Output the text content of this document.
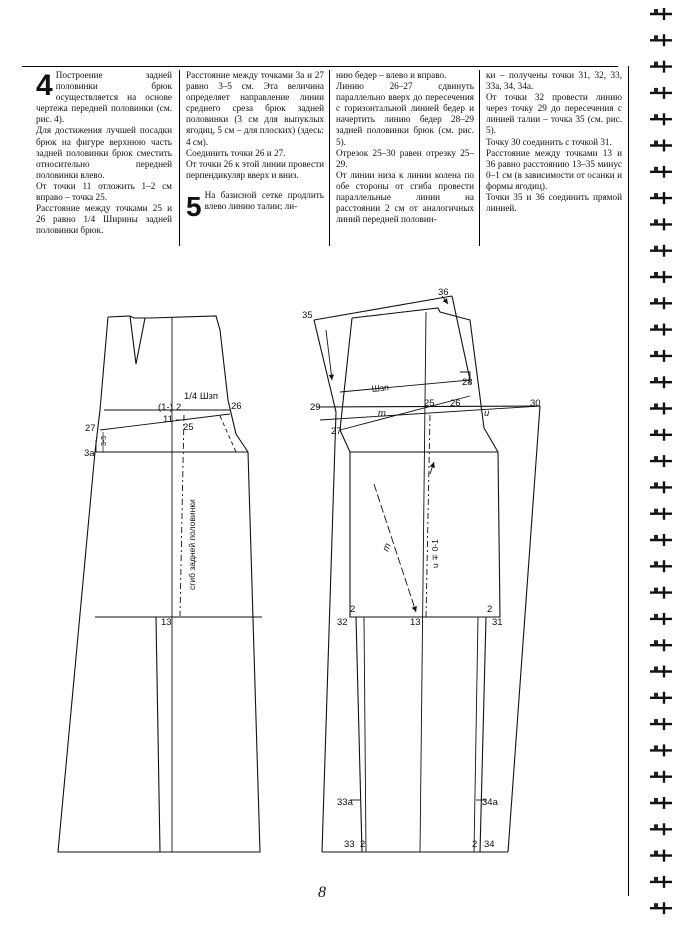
4 Построение задней половинки брюк осуществляется на основе чертежа передней половинки (см. рис. 4).

Для достижения лучшей посадки брюк на фигуре верхнюю часть задней половинки брюк сместить относительно передней половинки влево.

От точки 11 отложить 1–2 см вправо – точка 25.

Расстояние между точками 25 и 26 равно 1/4 Ширины задней половинки брюк.

Расстояние между точками 3а и 27 равно 3–5 см. Эта величина определяет направление линии среднего среза брюк задней половинки (3 см для выпуклых ягодиц, 5 см – для плоских) (здесь: 4 см).

Соединить точки 26 и 27.

От точки 26 к этой линии провести перпендикуляр вверх и вниз.

5 На базисной сетке продлить влево линию талии; ли-

нию бедер – влево и вправо.

Линию 26–27 сдвинуть параллельно вверх до пересечения с горизонтальной линией бедер и начертить линию бедер 28–29 задней половинки брюк (см. рис. 5).

Отрезок 25–30 равен отрезку 25–29.

От линии низа к линии колена по обе стороны от сгиба провести параллельные линии на расстоянии 2 см от аналогичных линий передней половин-

ки – получены точки 31, 32, 33, 33а, 34, 34а.

От точки 32 провести линию через точку 29 до пересечения с линией талии – точка 35 (см. рис. 5).

Точку 30 соединить с точкой 31.

Расстояние между точками 13 и 36 равно расстоянию 13–35 минус 0–1 см (в зависимости от осанки и формы ягодиц).

Точки 35 и 36 соединить прямой линией.

(1-) 2
1/4 Шзп
26
11
25
27
3-5
3а
сгиб задней половинки
13
35
36
28
Шзп
29
m
25 26
u
30
27
m	u ∓ 0-1
2	2
32	13	31
33а	34а
33 2	2 34
8
